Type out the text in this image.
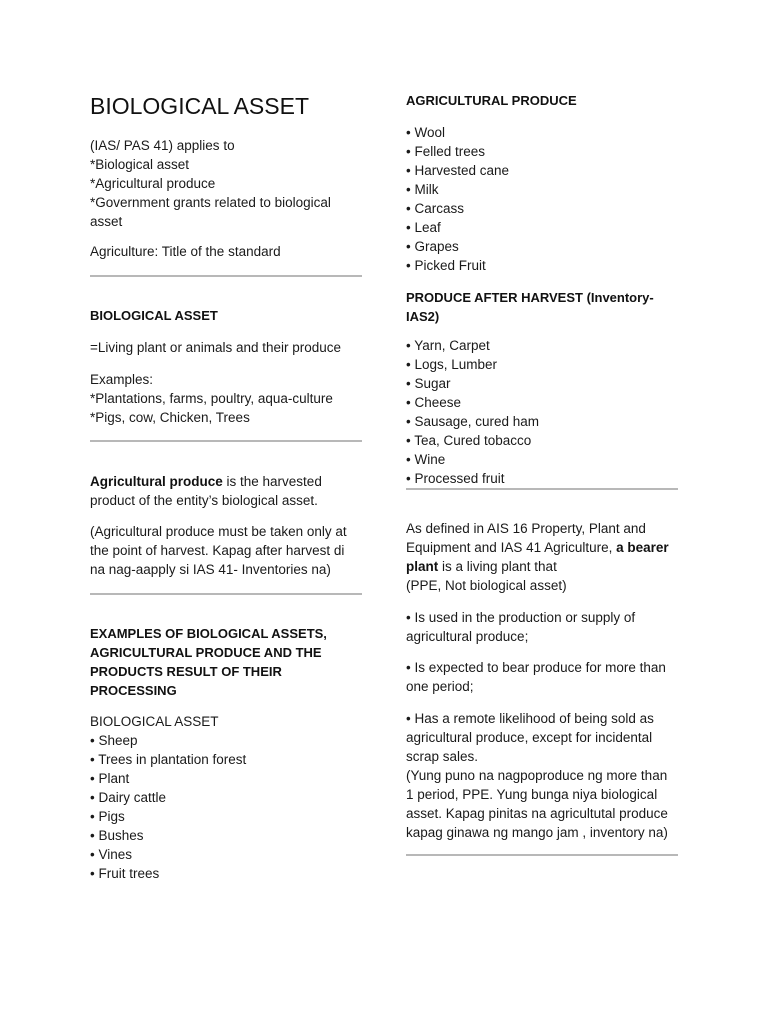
BIOLOGICAL ASSET
(IAS/ PAS 41) applies to
*Biological asset
*Agricultural produce
*Government grants related to biological
asset
Agriculture: Title of the standard

BIOLOGICAL ASSET

=Living plant or animals and their produce
Examples:
*Plantations, farms, poultry, aqua-culture
*Pigs, cow, Chicken, Trees
Agricultural produce is the harvested
product of the entity’s biological asset.
(Agricultural produce must be taken only at
the point of harvest. Kapag after harvest di
na nag-aapply si IAS 41- Inventories na)
EXAMPLES OF BIOLOGICAL ASSETS,
AGRICULTURAL PRODUCE AND THE
PRODUCTS RESULT OF THEIR
PROCESSING
BIOLOGICAL ASSET
• Sheep
• Trees in plantation forest
• Plant
• Dairy cattle
• Pigs
• Bushes
• Vines
• Fruit trees

AGRICULTURAL PRODUCE

• Wool
• Felled trees
• Harvested cane
• Milk
• Carcass
• Leaf
• Grapes
• Picked Fruit
PRODUCE AFTER HARVEST (Inventory-
IAS2)
• Yarn, Carpet
• Logs, Lumber
• Sugar
• Cheese
• Sausage, cured ham
• Tea, Cured tobacco
• Wine
• Processed fruit
As defined in AIS 16 Property, Plant and
Equipment and IAS 41 Agriculture, a bearer
plant is a living plant that
(PPE, Not biological asset)
• Is used in the production or supply of
agricultural produce;
• Is expected to bear produce for more than
one period;
• Has a remote likelihood of being sold as
agricultural produce, except for incidental
scrap sales.
(Yung puno na nagpoproduce ng more than
1 period, PPE. Yung bunga niya biological
asset. Kapag pinitas na agricultutal produce
kapag ginawa ng mango jam , inventory na)
